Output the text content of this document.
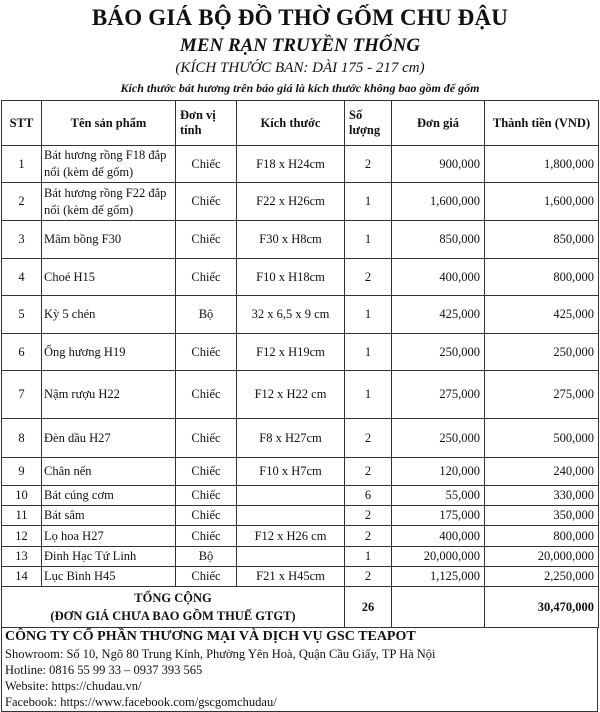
BÁO GIÁ BỘ ĐỒ THỜ GỐM CHU ĐẬU
MEN RẠN TRUYỀN THỐNG
(KÍCH THƯỚC BAN: DÀI 175 - 217 cm)
Kích thước bát hương trên báo giá là kích thước không bao gồm đế gốm
STT	Tên sản phẩm	Đơn vị tính	Kích thước	Số lượng	Đơn giá	Thành tiền (VND)
1	Bát hương rồng F18 đắp nổi (kèm đế gốm)	Chiếc	F18 x H24cm	2	900,000	1,800,000
2	Bát hương rồng F22 đắp nổi (kèm đế gốm)	Chiếc	F22 x H26cm	1	1,600,000	1,600,000
3	Mâm bồng F30	Chiếc	F30 x H8cm	1	850,000	850,000
4	Choé H15	Chiếc	F10 x H18cm	2	400,000	800,000
5	Kỳ 5 chén	Bộ	32 x 6,5 x 9 cm	1	425,000	425,000
6	Ống hương H19	Chiếc	F12 x H19cm	1	250,000	250,000
7	Nậm rượu H22	Chiếc	F12 x H22 cm	1	275,000	275,000
8	Đèn dầu H27	Chiếc	F8 x H27cm	2	250,000	500,000
9	Chân nến	Chiếc	F10 x H7cm	2	120,000	240,000
10	Bát cúng cơm	Chiếc		6	55,000	330,000
11	Bát sâm	Chiếc		2	175,000	350,000
12	Lọ hoa H27	Chiếc	F12 x H26 cm	2	400,000	800,000
13	Đinh Hạc Tứ Linh	Bộ		1	20,000,000	20,000,000
14	Lục Bình H45	Chiếc	F21 x H45cm	2	1,125,000	2,250,000

TỔNG CỘNG
(ĐƠN GIÁ CHƯA BAO GỒM THUẾ GTGT)				26		30,470,000
CÔNG TY CỔ PHẦN THƯƠNG MẠI VÀ DỊCH VỤ GSC TEAPOT
Showroom: Số 10, Ngõ 80 Trung Kính, Phường Yên Hoà, Quận Cầu Giấy, TP Hà Nội
Hotline: 0816 55 99 33 – 0937 393 565
Website: https://chudau.vn/
Facebook: https://www.facebook.com/gscgomchudau/
